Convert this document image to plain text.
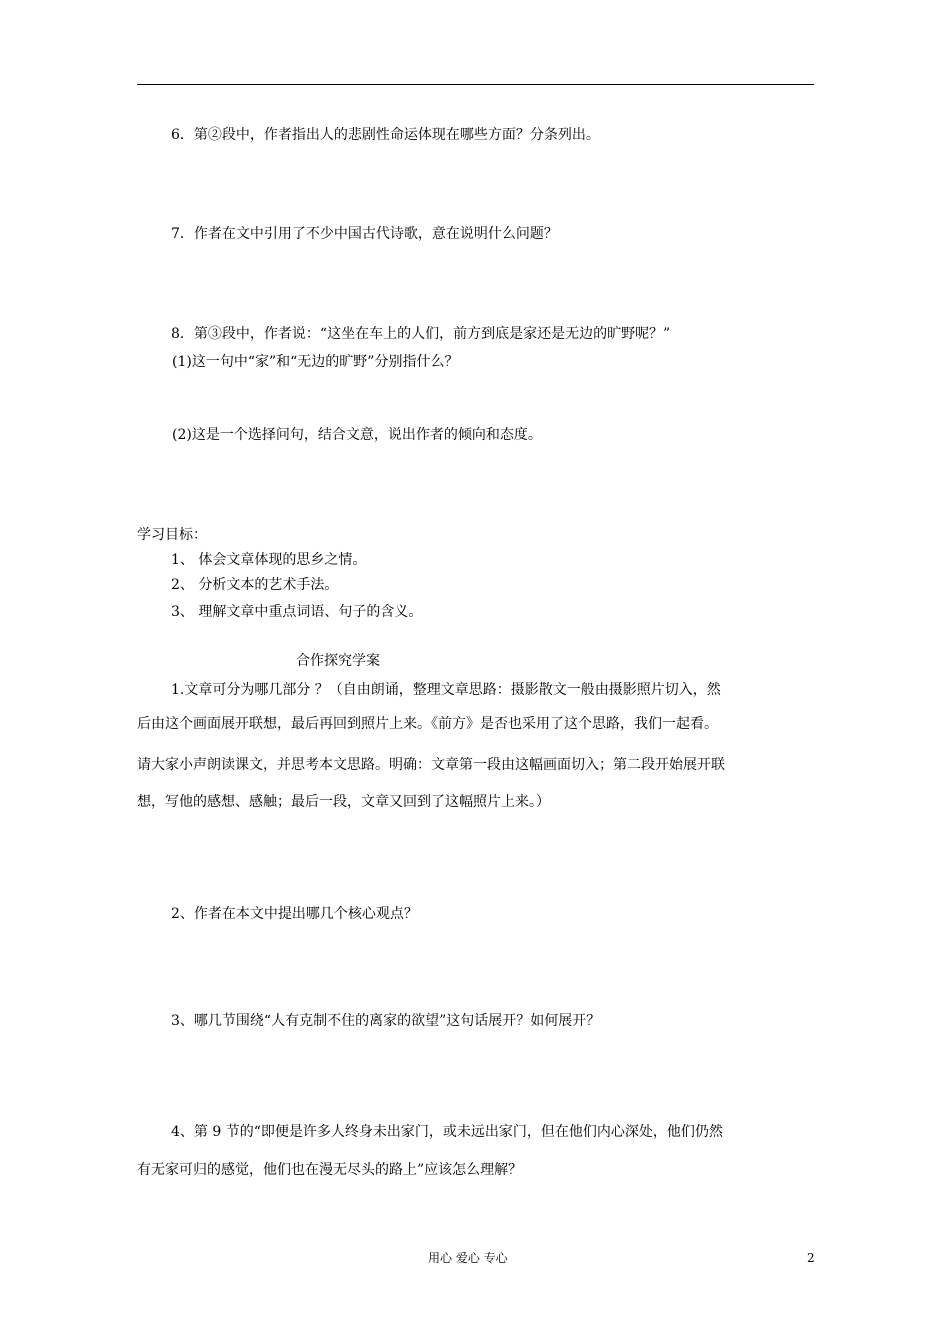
6．第②段中，作者指出人的悲剧性命运体现在哪些方面？分条列出。
7．作者在文中引用了不少中国古代诗歌，意在说明什么问题？
8．第③段中，作者说：“这坐在车上的人们，前方到底是家还是无边的旷野呢？”
(1)这一句中“家”和“无边的旷野”分别指什么？
(2)这是一个选择问句，结合文意，说出作者的倾向和态度。
学习目标：
1、 体会文章体现的思乡之情。
2、 分析文本的艺术手法。
3、 理解文章中重点词语、句子的含义。
合作探究学案
1.文章可分为哪几部分 ？（自由朗诵，整理文章思路：摄影散文一般由摄影照片切入，然
后由这个画面展开联想，最后再回到照片上来。《前方》是否也采用了这个思路，我们一起看。
请大家小声朗读课文，并思考本文思路。明确：文章第一段由这幅画面切入；第二段开始展开联
想，写他的感想、感触；最后一段，文章又回到了这幅照片上来。）
2、作者在本文中提出哪几个核心观点？
3、哪几节围绕“人有克制不住的离家的欲望”这句话展开？如何展开？
4、第 9 节的“即便是许多人终身未出家门，或未远出家门，但在他们内心深处，他们仍然
有无家可归的感觉，他们也在漫无尽头的路上”应该怎么理解？
用心 爱心 专心	2
